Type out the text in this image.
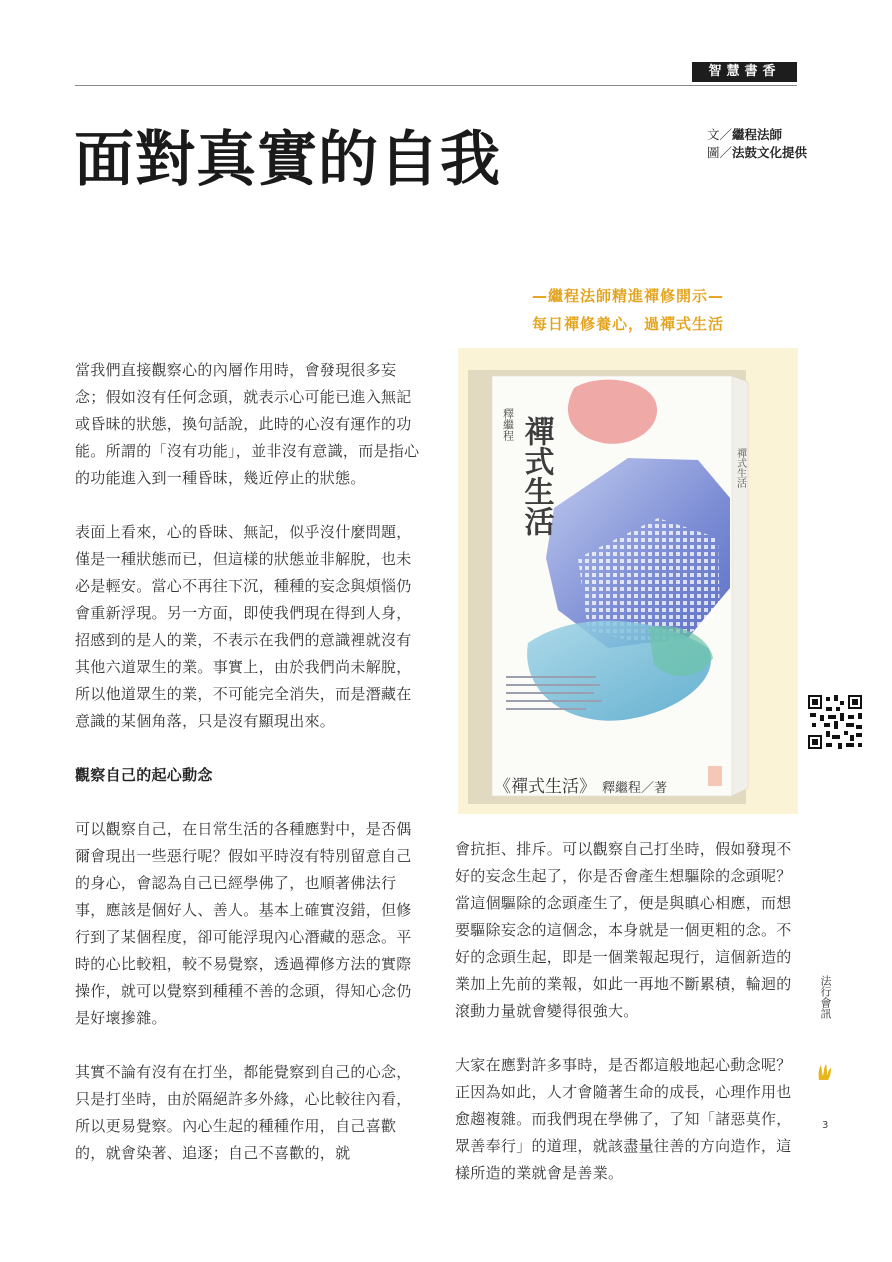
智慧書香
面對真實的自我	文／繼程法師
圖／法鼓文化提供
—繼程法師精進禪修開示—
每日禪修養心，過禪式生活
禪式生活
釋繼程
禪式生活
《禪式生活》 釋繼程／著

當我們直接觀察心的內層作用時，會發現很多妄念；假如沒有任何念頭，就表示心可能已進入無記或昏昧的狀態，換句話說，此時的心沒有運作的功能。所謂的「沒有功能」，並非沒有意識，而是指心的功能進入到一種昏昧，幾近停止的狀態。

表面上看來，心的昏昧、無記，似乎沒什麼問題，僅是一種狀態而已，但這樣的狀態並非解脫，也未必是輕安。當心不再往下沉，種種的妄念與煩惱仍會重新浮現。另一方面，即使我們現在得到人身，招感到的是人的業，不表示在我們的意識裡就沒有其他六道眾生的業。事實上，由於我們尚未解脫，所以他道眾生的業，不可能完全消失，而是潛藏在意識的某個角落，只是沒有顯現出來。

觀察自己的起心動念

可以觀察自己，在日常生活的各種應對中，是否偶爾會現出一些惡行呢？假如平時沒有特別留意自己的身心，會認為自己已經學佛了，也順著佛法行事，應該是個好人、善人。基本上確實沒錯，但修行到了某個程度，卻可能浮現內心潛藏的惡念。平時的心比較粗，較不易覺察，透過禪修方法的實際操作，就可以覺察到種種不善的念頭，得知心念仍是好壞摻雜。

其實不論有沒有在打坐，都能覺察到自己的心念，只是打坐時，由於隔絕許多外緣，心比較往內看，所以更易覺察。內心生起的種種作用，自己喜歡的，就會染著、追逐；自己不喜歡的，就

會抗拒、排斥。可以觀察自己打坐時，假如發現不好的妄念生起了，你是否會產生想驅除的念頭呢？當這個驅除的念頭產生了，便是與瞋心相應，而想要驅除妄念的這個念，本身就是一個更粗的念。不好的念頭生起，即是一個業報起現行，這個新造的業加上先前的業報，如此一再地不斷累積，輪迴的滾動力量就會變得很強大。

大家在應對許多事時，是否都這般地起心動念呢？正因為如此，人才會隨著生命的成長，心理作用也愈趨複雜。而我們現在學佛了，了知「諸惡莫作，眾善奉行」的道理，就該盡量往善的方向造作，這樣所造的業就會是善業。

法行會訊
3
